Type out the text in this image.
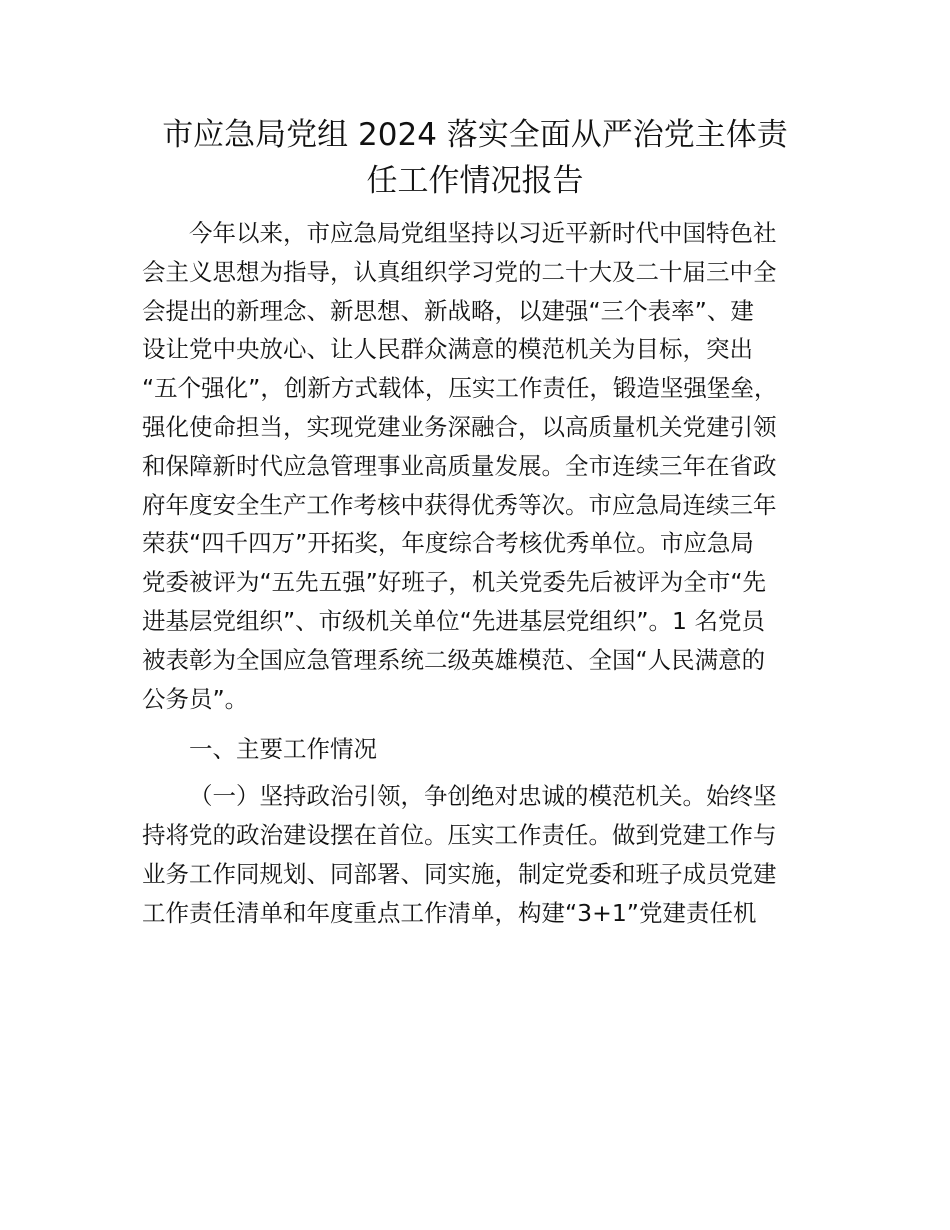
市应急局党组 2024 落实全面从严治党主体责
任工作情况报告
今年以来，市应急局党组坚持以习近平新时代中国特色社
会主义思想为指导，认真组织学习党的二十大及二十届三中全
会提出的新理念、新思想、新战略，以建强“三个表率”、建
设让党中央放心、让人民群众满意的模范机关为目标，突出
“五个强化”，创新方式载体，压实工作责任，锻造坚强堡垒，
强化使命担当，实现党建业务深融合，以高质量机关党建引领
和保障新时代应急管理事业高质量发展。全市连续三年在省政
府年度安全生产工作考核中获得优秀等次。市应急局连续三年
荣获“四千四万”开拓奖，年度综合考核优秀单位。市应急局
党委被评为“五先五强”好班子，机关党委先后被评为全市“先
进基层党组织”、市级机关单位“先进基层党组织”。1 名党员
被表彰为全国应急管理系统二级英雄模范、全国“人民满意的
公务员”。
一、主要工作情况
（一）坚持政治引领，争创绝对忠诚的模范机关。始终坚
持将党的政治建设摆在首位。压实工作责任。做到党建工作与
业务工作同规划、同部署、同实施，制定党委和班子成员党建
工作责任清单和年度重点工作清单，构建“3+1”党建责任机
